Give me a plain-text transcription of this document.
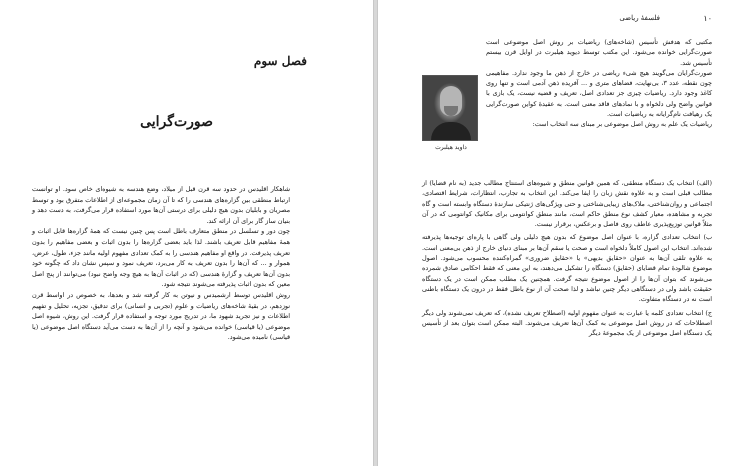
فصل سوم
صورت‌گرایی

شاهکار اقلیدس در حدود سه قرن قبل از میلاد، وضع هندسه به شیوه‌ای خاص سود. او توانست ارتباط منطقی بین گزاره‌های هندسی را که تا آن زمان مجموعه‌ای از اطلاعات متفرق بود و توسط مصریان و بابلیان بدون هیچ دلیلی برای درستی آن‌ها مورد استفاده قرار می‌گرفت، به دست دهد و بنیان ساز گار برای آن ارائه کند.

چون دور و تسلسل در منطق متعارف باطل است پس چنین نیست که همهٔ گزاره‌ها قابل اثبات و همهٔ مفاهیم قابل تعریف باشند. لذا باید بعضی گزاره‌ها را بدون اثبات و بعضی مفاهیم را بدون تعریف پذیرفت. در واقع او مفاهیم هندسی را به کمک تعدادی مفهوم اولیه مانند جزء، طول، عرض، هموار و ... که آن‌ها را بدون تعریف به کار می‌برد، تعریف نمود و سپس نشان داد که چگونه خود بدون آن‌ها تعریف و گزارهٔ هندسی (که در اثبات آن‌ها به هیچ وجه واضح نبود) می‌توانند از پنج اصل معین که بدون اثبات پذیرفته می‌شوند نتیجه شود.

روش اقلیدس توسط ارشمیدس و نیوتن به کار گرفته شد و بعدها، به خصوص در اواسط قرن نوزدهم، در بقیهٔ شاخه‌های ریاضیات و علوم (تجربی و انسانی) برای تدقیق، تجزیه، تحلیل و تفهیم اطلاعات و نیز تجرید شهود ما، در تدریج مورد توجه و استفاده قرار گرفت. این روش، شیوه اصل موضوعی (یا قیاسی) خوانده می‌شود و آنچه را از آن‌ها به دست می‌آید دستگاه اصل موضوعی (یا قیاسی) نامیده می‌شود.

۱۰
فلسفهٔ ریاضی
داوید هیلبرت

مکتبی که هدفش تأسیس (شاخه‌های) ریاضیات بر روش اصل موضوعی است صورت‌گرایی خوانده می‌شود. این مکتب توسط دیوید هیلبرت در اوایل قرن بیستم تأسیس شد.

صورت‌گرایان می‌گویند هیچ شیء ریاضی در خارج از ذهن ما وجود ندارد. مفاهیمی چون نقطه، عدد ۳، بی‌نهایت، فضاهای متری و ... آفریده ذهن آدمی است و تنها روی کاغذ وجود دارد. ریاضیات چیزی جز تعدادی اصل، تعریف و قضیه نیست، یک بازی با قوانین واضح ولی دلخواه و با نمادهای فاقد معنی است. به عقیدهٔ کواین صورت‌گرایی یک رهیافت نام‌گرایانه به ریاضیات است.

ریاضیات یک علم به روش اصل موضوعی بر مبنای سه انتخاب است:

(الف) انتخاب یک دستگاه منطقی، که همین قوانین منطق و شیوه‌های استنتاج مطالب جدید (به نام قضایا) از مطالب قبلی است و به علاوه نقش زبان را ایفا می‌کند. این انتخاب به تجارب، انتظارات، شرایط اقتصادی، اجتماعی و روان‌شناختی، ملاک‌های زیبایی‌شناختی و حتی ویژگی‌های ژنتیکی سازندهٔ دستگاه وابسته است و گاه تجربه و مشاهده، معیار کشف نوع منطق حاکم است، مانند منطق کوانتومی برای مکانیک کوانتومی که در آن مثلاً قوانین توزیع‌پذیری عاطف روی فاصل و برعکس، برقرار نیست.

ب) انتخاب تعدادی گزاره، با عنوان اصل موضوع که بدون هیچ دلیلی ولی گاهی با پاره‌ای توجیه‌ها پذیرفته شده‌اند. انتخاب این اصول کاملاً دلخواه است و صحت یا سقم آن‌ها بر مبنای دنیای خارج از ذهن بی‌معنی است. به علاوه تلقی آن‌ها به عنوان «حقایق بدیهی» یا «حقایق ضروری» گمراه‌کننده محسوب می‌شود. اصول موضوع شالودهٔ تمام قضایای (حقایق) دستگاه را تشکیل می‌دهند، به این معنی که فقط احکامی صادق شمرده می‌شوند که بتوان آن‌ها را از اصول موضوع نتیجه گرفت. همچنین یک مطلب ممکن است در یک دستگاه حقیقت باشد ولی در دستگاهی دیگر چنین نباشد و لذا صحت آن از نوع باطل فقط در درون یک دستگاه باطنی است نه در دستگاه متفاوت.

ج) انتخاب تعدادی کلمه یا عبارت به عنوان مفهوم اولیه (اصطلاح تعریف نشده)، که تعریف نمی‌شوند ولی دیگر اصطلاحات که در روش اصل موضوعی به کمک آن‌ها تعریف می‌شوند. البته ممکن است بتوان بعد از تأسیس یک دستگاه اصل موضوعی از یک مجموعهٔ دیگر
